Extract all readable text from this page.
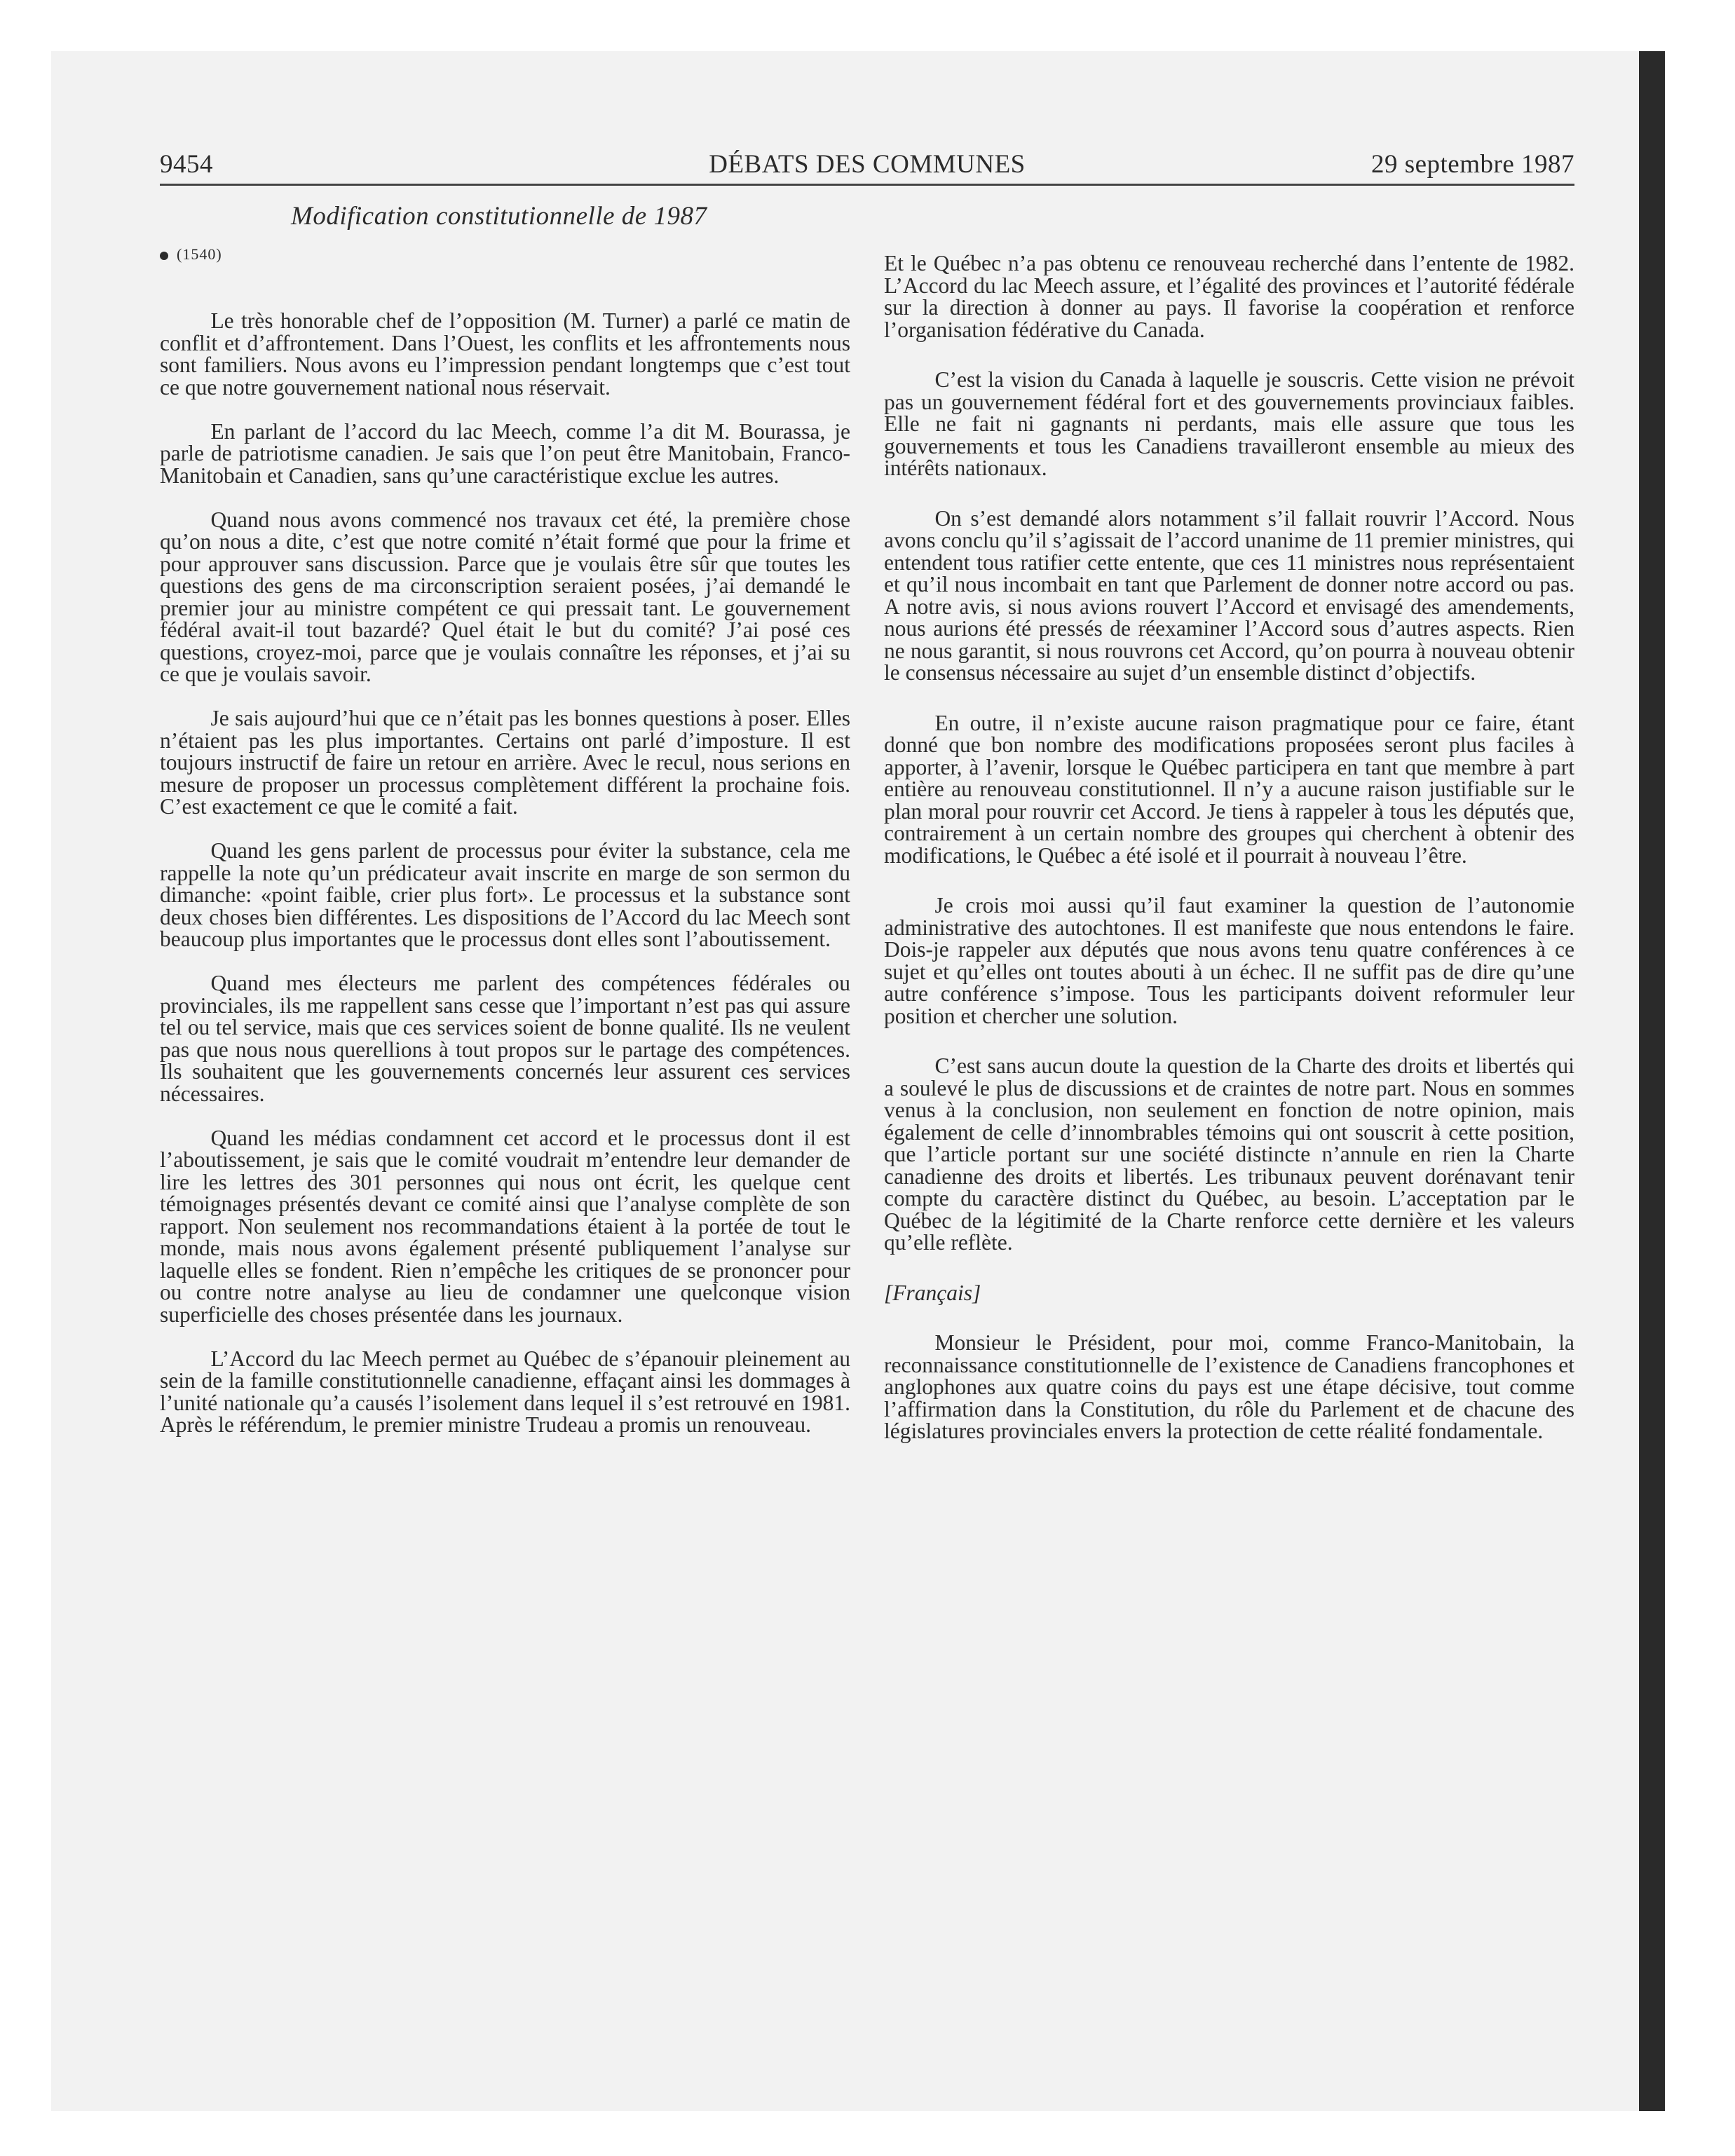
9454	DÉBATS DES COMMUNES	29 septembre 1987
Modification constitutionnelle de 1987
(1540)

Le très honorable chef de l’opposition (M. Turner) a parlé ce matin de conflit et d’affrontement. Dans l’Ouest, les conflits et les affrontements nous sont familiers. Nous avons eu l’impression pendant longtemps que c’est tout ce que notre gouvernement national nous réservait.

En parlant de l’accord du lac Meech, comme l’a dit M. Bourassa, je parle de patriotisme canadien. Je sais que l’on peut être Manitobain, Franco-Manitobain et Canadien, sans qu’une caractéristique exclue les autres.

Quand nous avons commencé nos travaux cet été, la première chose qu’on nous a dite, c’est que notre comité n’était formé que pour la frime et pour approuver sans discussion. Parce que je voulais être sûr que toutes les questions des gens de ma circonscription seraient posées, j’ai demandé le premier jour au ministre compétent ce qui pressait tant. Le gouvernement fédéral avait-il tout bazardé? Quel était le but du comité? J’ai posé ces questions, croyez-moi, parce que je voulais connaître les réponses, et j’ai su ce que je voulais savoir.

Je sais aujourd’hui que ce n’était pas les bonnes questions à poser. Elles n’étaient pas les plus importantes. Certains ont parlé d’imposture. Il est toujours instructif de faire un retour en arrière. Avec le recul, nous serions en mesure de proposer un processus complètement différent la prochaine fois. C’est exactement ce que le comité a fait.

Quand les gens parlent de processus pour éviter la substance, cela me rappelle la note qu’un prédicateur avait inscrite en marge de son sermon du dimanche: «point faible, crier plus fort». Le processus et la substance sont deux choses bien différentes. Les dispositions de l’Accord du lac Meech sont beaucoup plus importantes que le processus dont elles sont l’aboutissement.

Quand mes électeurs me parlent des compétences fédérales ou provinciales, ils me rappellent sans cesse que l’important n’est pas qui assure tel ou tel service, mais que ces services soient de bonne qualité. Ils ne veulent pas que nous nous querellions à tout propos sur le partage des compétences. Ils souhaitent que les gouvernements concernés leur assurent ces services nécessaires.

Quand les médias condamnent cet accord et le processus dont il est l’aboutissement, je sais que le comité voudrait m’entendre leur demander de lire les lettres des 301 personnes qui nous ont écrit, les quelque cent témoignages présentés devant ce comité ainsi que l’analyse complète de son rapport. Non seulement nos recommandations étaient à la portée de tout le monde, mais nous avons également présenté publiquement l’analyse sur laquelle elles se fondent. Rien n’empêche les critiques de se prononcer pour ou contre notre analyse au lieu de condamner une quelconque vision superficielle des choses présentée dans les journaux.

L’Accord du lac Meech permet au Québec de s’épanouir pleinement au sein de la famille constitutionnelle canadienne, effaçant ainsi les dommages à l’unité nationale qu’a causés l’isolement dans lequel il s’est retrouvé en 1981. Après le référendum, le premier ministre Trudeau a promis un renouveau.

Et le Québec n’a pas obtenu ce renouveau recherché dans l’entente de 1982. L’Accord du lac Meech assure, et l’égalité des provinces et l’autorité fédérale sur la direction à donner au pays. Il favorise la coopération et renforce l’organisation fédérative du Canada.

C’est la vision du Canada à laquelle je souscris. Cette vision ne prévoit pas un gouvernement fédéral fort et des gouvernements provinciaux faibles. Elle ne fait ni gagnants ni perdants, mais elle assure que tous les gouvernements et tous les Canadiens travailleront ensemble au mieux des intérêts nationaux.

On s’est demandé alors notamment s’il fallait rouvrir l’Accord. Nous avons conclu qu’il s’agissait de l’accord unanime de 11 premier ministres, qui entendent tous ratifier cette entente, que ces 11 ministres nous représentaient et qu’il nous incombait en tant que Parlement de donner notre accord ou pas. A notre avis, si nous avions rouvert l’Accord et envisagé des amendements, nous aurions été pressés de réexaminer l’Accord sous d’autres aspects. Rien ne nous garantit, si nous rouvrons cet Accord, qu’on pourra à nouveau obtenir le consensus nécessaire au sujet d’un ensemble distinct d’objectifs.

En outre, il n’existe aucune raison pragmatique pour ce faire, étant donné que bon nombre des modifications proposées seront plus faciles à apporter, à l’avenir, lorsque le Québec participera en tant que membre à part entière au renouveau constitutionnel. Il n’y a aucune raison justifiable sur le plan moral pour rouvrir cet Accord. Je tiens à rappeler à tous les députés que, contrairement à un certain nombre des groupes qui cherchent à obtenir des modifications, le Québec a été isolé et il pourrait à nouveau l’être.

Je crois moi aussi qu’il faut examiner la question de l’autonomie administrative des autochtones. Il est manifeste que nous entendons le faire. Dois-je rappeler aux députés que nous avons tenu quatre conférences à ce sujet et qu’elles ont toutes abouti à un échec. Il ne suffit pas de dire qu’une autre conférence s’impose. Tous les participants doivent reformuler leur position et chercher une solution.

C’est sans aucun doute la question de la Charte des droits et libertés qui a soulevé le plus de discussions et de craintes de notre part. Nous en sommes venus à la conclusion, non seulement en fonction de notre opinion, mais également de celle d’innombrables témoins qui ont souscrit à cette position, que l’article portant sur une société distincte n’annule en rien la Charte canadienne des droits et libertés. Les tribunaux peuvent dorénavant tenir compte du caractère distinct du Québec, au besoin. L’acceptation par le Québec de la légitimité de la Charte renforce cette dernière et les valeurs qu’elle reflète.

[Français]

Monsieur le Président, pour moi, comme Franco-Manitobain, la reconnaissance constitutionnelle de l’existence de Canadiens francophones et anglophones aux quatre coins du pays est une étape décisive, tout comme l’affirmation dans la Constitution, du rôle du Parlement et de chacune des législatures provinciales envers la protection de cette réalité fondamentale.
